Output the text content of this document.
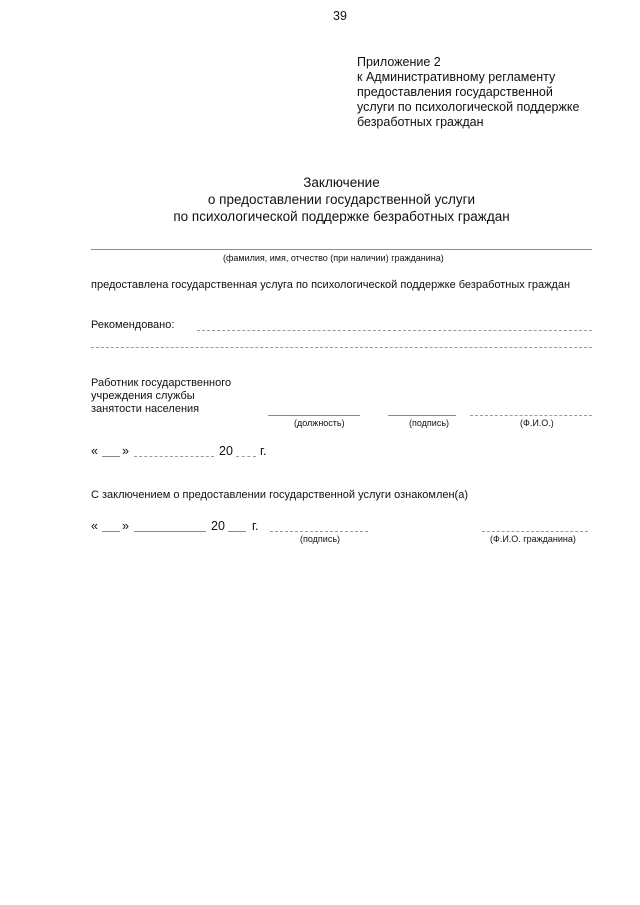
39
Приложение 2
к Административному регламенту
предоставления государственной
услуги по психологической поддержке
безработных граждан
Заключение
о предоставлении государственной услуги
по психологической поддержке безработных граждан
(фамилия, имя, отчество (при наличии) гражданина)
предоставлена государственная услуга по психологической поддержке безработных граждан
Рекомендовано:
Работник государственного
учреждения службы
занятости населения
(должность)	(подпись)	(Ф.И.О.)
« »	20 г.
С заключением о предоставлении государственной услуги ознакомлен(а)
« »	20 г.
(подпись)	(Ф.И.О. гражданина)
